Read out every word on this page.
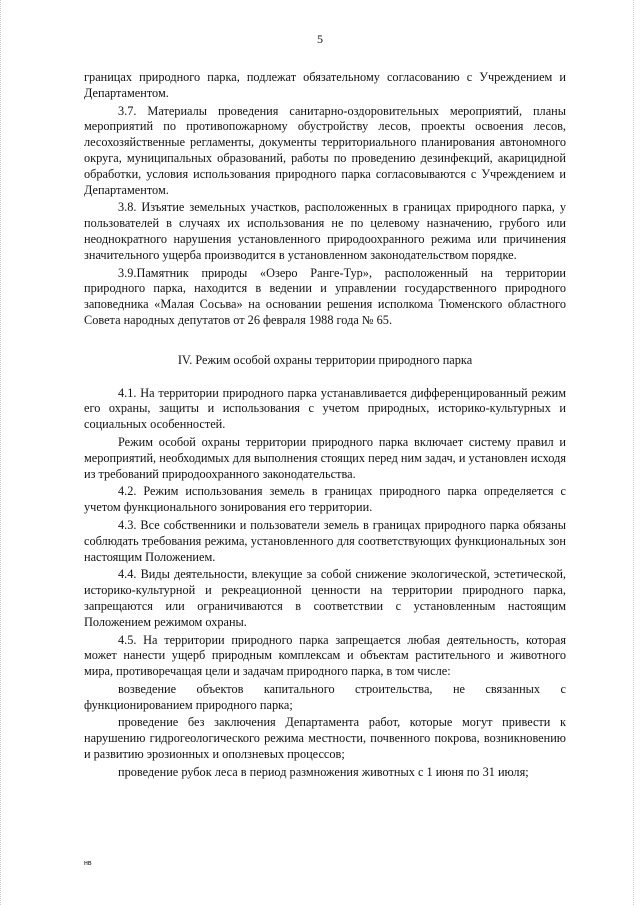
5

границах природного парка, подлежат обязательному согласованию с Учреждением и Департаментом.

3.7. Материалы проведения санитарно-оздоровительных мероприятий, планы мероприятий по противопожарному обустройству лесов, проекты освоения лесов, лесохозяйственные регламенты, документы территориального планирования автономного округа, муниципальных образований, работы по проведению дезинфекций, акарицидной обработки, условия использования природного парка согласовываются с Учреждением и Департаментом.

3.8. Изъятие земельных участков, расположенных в границах природного парка, у пользователей в случаях их использования не по целевому назначению, грубого или неоднократного нарушения установленного природоохранного режима или причинения значительного ущерба производится в установленном законодательством порядке.

3.9.Памятник природы «Озеро Ранге-Тур», расположенный на территории природного парка, находится в ведении и управлении государственного природного заповедника «Малая Сосьва» на основании решения исполкома Тюменского областного Совета народных депутатов от 26 февраля 1988 года № 65.

IV. Режим особой охраны территории природного парка

4.1. На территории природного парка устанавливается дифференцированный режим его охраны, защиты и использования с учетом природных, историко-культурных и социальных особенностей.

Режим особой охраны территории природного парка включает систему правил и мероприятий, необходимых для выполнения стоящих перед ним задач, и установлен исходя из требований природоохранного законодательства.

4.2. Режим использования земель в границах природного парка определяется с учетом функционального зонирования его территории.

4.3. Все собственники и пользователи земель в границах природного парка обязаны соблюдать требования режима, установленного для соответствующих функциональных зон настоящим Положением.

4.4. Виды деятельности, влекущие за собой снижение экологической, эстетической, историко-культурной и рекреационной ценности на территории природного парка, запрещаются или ограничиваются в соответствии с установленным настоящим Положением режимом охраны.

4.5. На территории природного парка запрещается любая деятельность, которая может нанести ущерб природным комплексам и объектам растительного и животного мира, противоречащая цели и задачам природного парка, в том числе:

возведение объектов капитального строительства, не связанных с функционированием природного парка;

проведение без заключения Департамента работ, которые могут привести к нарушению гидрогеологического режима местности, почвенного покрова, возникновению и развитию эрозионных и оползневых процессов;

проведение рубок леса в период размножения животных с 1 июня по 31 июля;

нв
